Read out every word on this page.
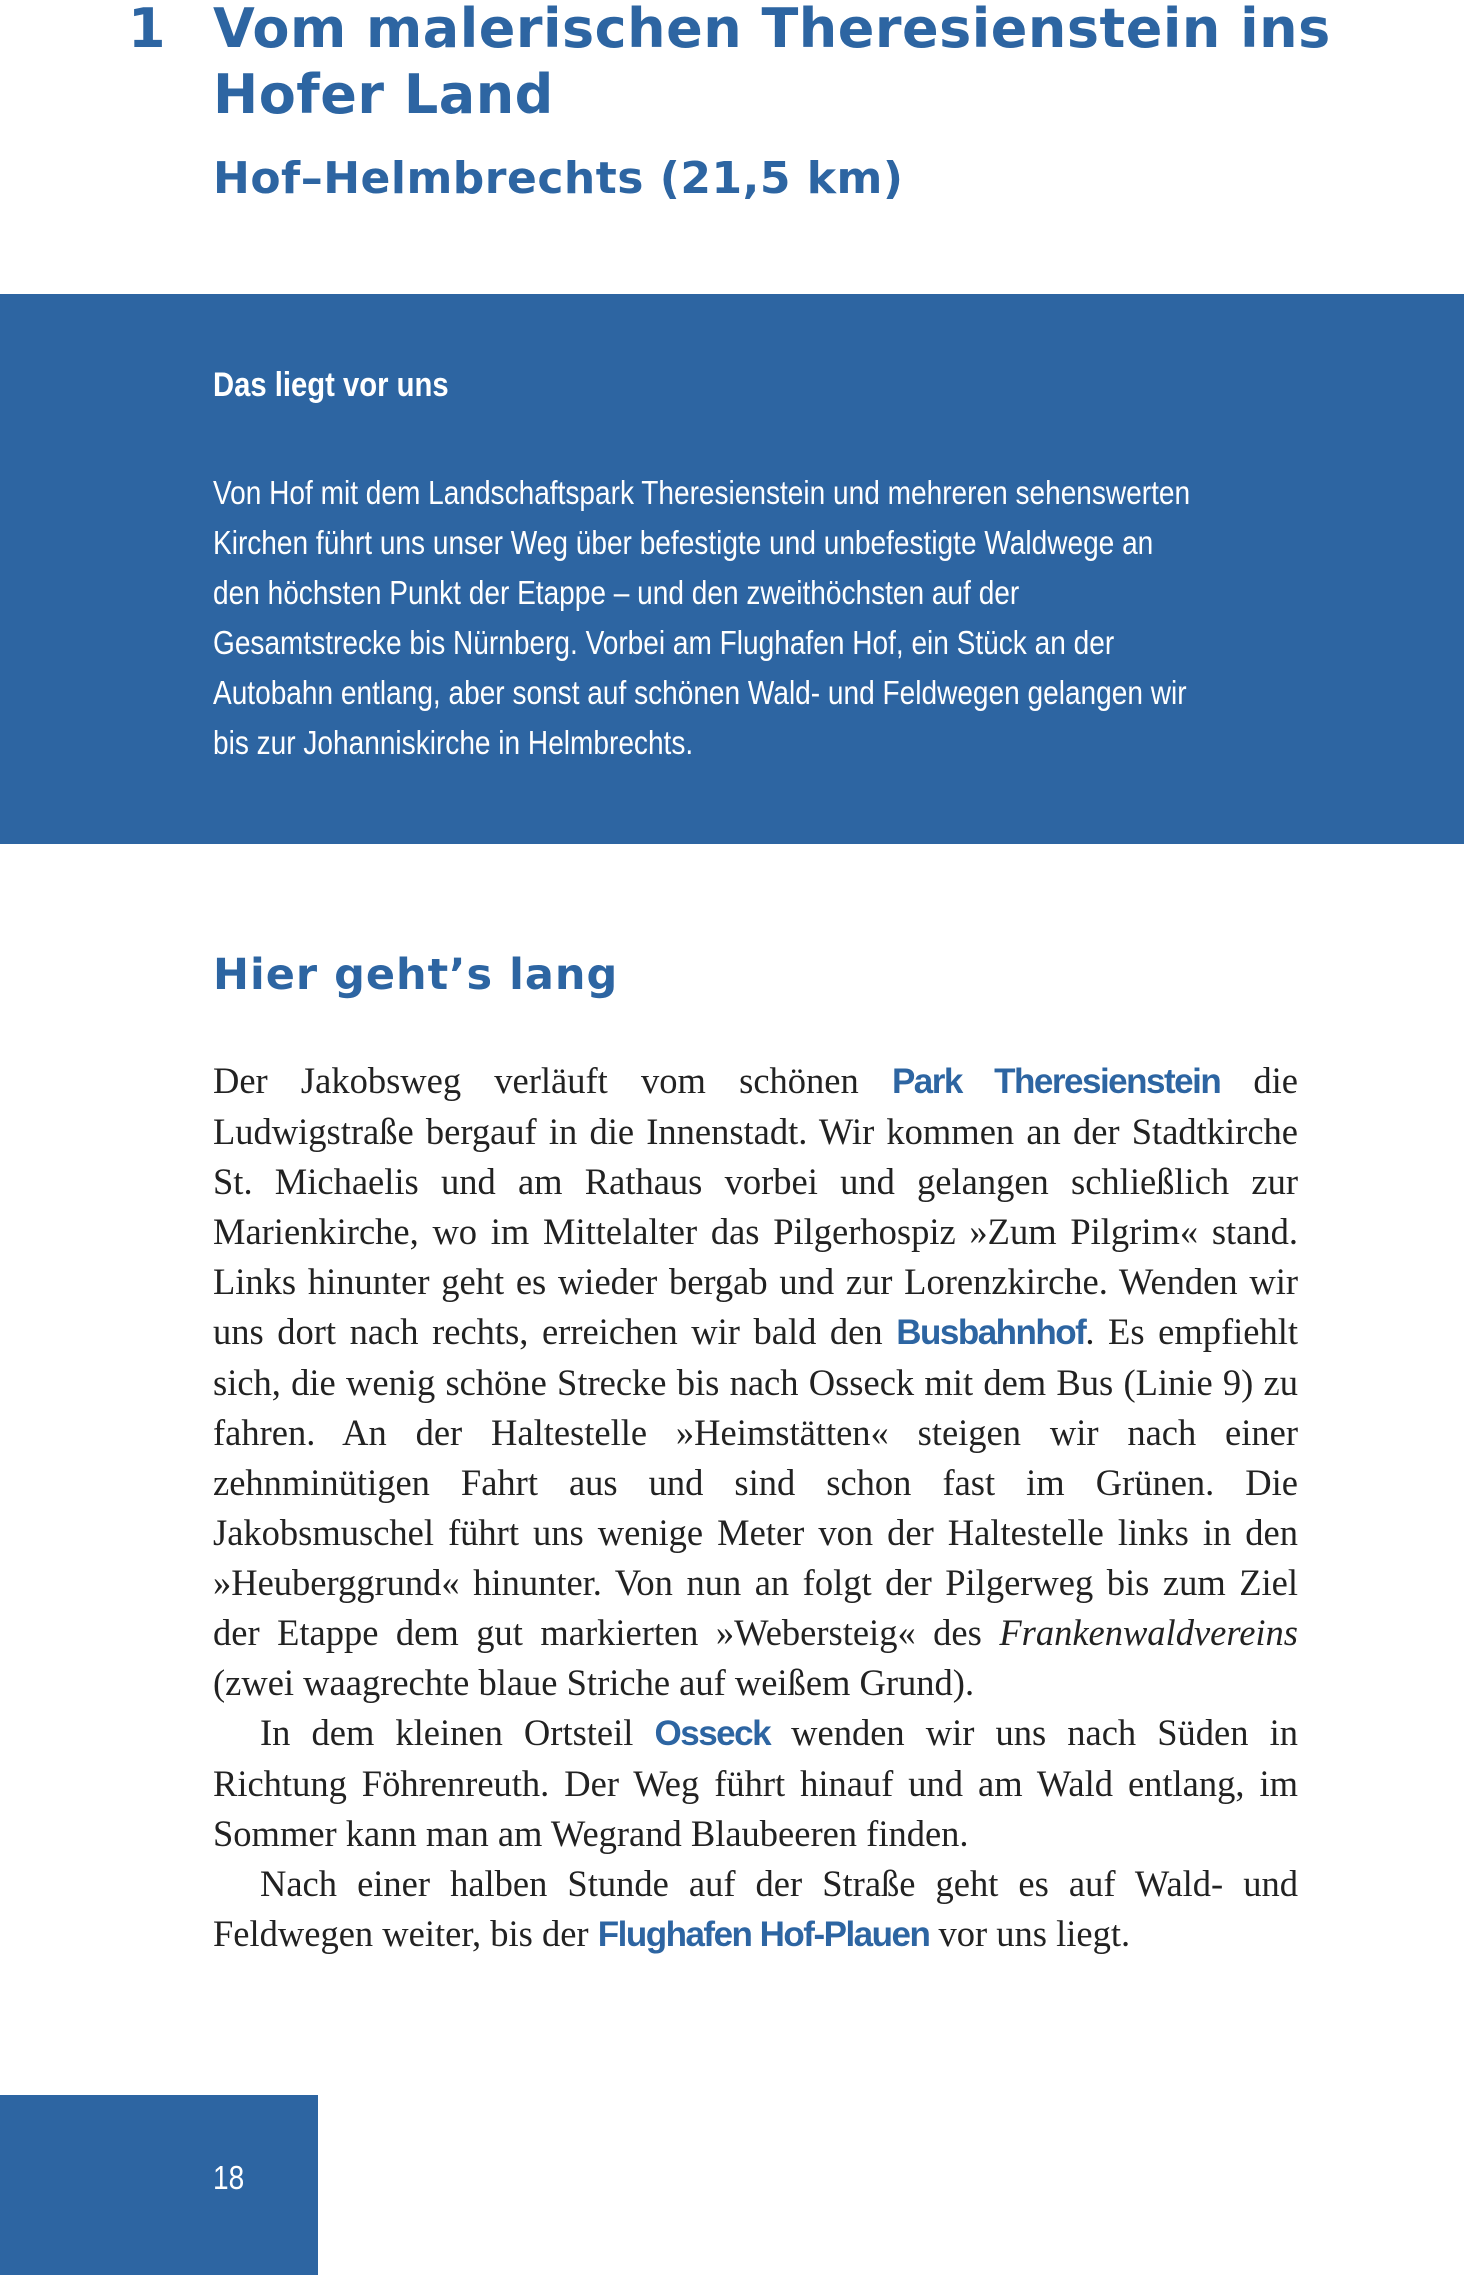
1 Vom malerischen Theresienstein ins Hofer Land
Hof–Helmbrechts (21,5 km)
Das liegt vor uns
Von Hof mit dem Landschaftspark Theresienstein und mehreren sehenswerten Kirchen führt uns unser Weg über befestigte und unbefestigte Waldwege an den höchsten Punkt der Etappe – und den zweithöchsten auf der Gesamtstrecke bis Nürnberg. Vorbei am Flughafen Hof, ein Stück an der Autobahn entlang, aber sonst auf schönen Wald- und Feldwegen gelangen wir bis zur Johanniskirche in Helmbrechts.
Hier geht’s lang

Der Jakobsweg verläuft vom schönen Park Theresienstein die Ludwigstraße bergauf in die Innenstadt. Wir kommen an der Stadtkirche St. Michaelis und am Rathaus vorbei und gelangen schließlich zur Marienkirche, wo im Mittelalter das Pilgerhospiz »Zum Pilgrim« stand. Links hinunter geht es wieder bergab und zur Lorenzkirche. Wenden wir uns dort nach rechts, erreichen wir bald den Busbahnhof. Es empfiehlt sich, die wenig schöne Strecke bis nach Osseck mit dem Bus (Linie 9) zu fahren. An der Haltestelle »Heimstätten« steigen wir nach einer zehnminütigen Fahrt aus und sind schon fast im Grünen. Die Jakobsmuschel führt uns wenige Meter von der Haltestelle links in den »Heuberggrund« hinunter. Von nun an folgt der Pilgerweg bis zum Ziel der Etappe dem gut markierten »Webersteig« des Frankenwaldvereins (zwei waagrechte blaue Striche auf weißem Grund).

In dem kleinen Ortsteil Osseck wenden wir uns nach Süden in Richtung Föhrenreuth. Der Weg führt hinauf und am Wald entlang, im Sommer kann man am Wegrand Blaubeeren finden.

Nach einer halben Stunde auf der Straße geht es auf Wald- und Feldwegen weiter, bis der Flughafen Hof-Plauen vor uns liegt.

18
